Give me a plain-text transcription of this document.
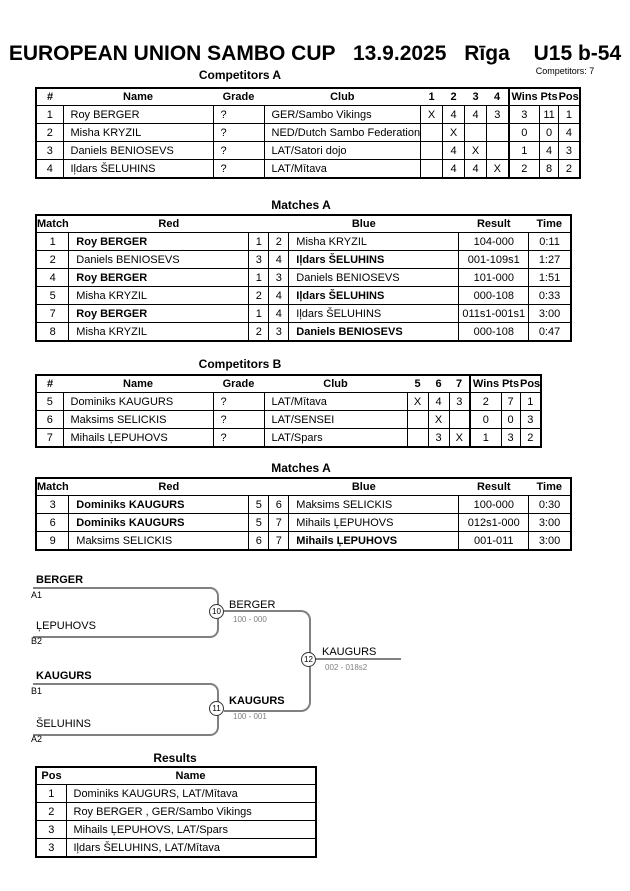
EUROPEAN UNION SAMBO CUP 13.9.2025 Rīga U15 b-54
Competitors: 7
Competitors A
#	Name	Grade	Club	1	2	3	4	Wins	Pts	Pos
1	Roy BERGER	?	GER/Sambo Vikings	X	4	4	3	3	11	1
2	Misha KRYZIL	?	NED/Dutch Sambo Federation		X			0	0	4
3	Daniels BENIOSEVS	?	LAT/Satori dojo		4	X		1	4	3
4	Iļdars ŠELUHINS	?	LAT/Mītava		4	4	X	2	8	2
Matches A
Match	Red		Blue		Result	Time
1	Roy BERGER	1	2	Misha KRYZIL	104-000	0:11
2	Daniels BENIOSEVS	3	4	Iļdars ŠELUHINS	001-109s1	1:27
4	Roy BERGER	1	3	Daniels BENIOSEVS	101-000	1:51
5	Misha KRYZIL	2	4	Iļdars ŠELUHINS	000-108	0:33
7	Roy BERGER	1	4	Iļdars ŠELUHINS	011s1-001s1	3:00
8	Misha KRYZIL	2	3	Daniels BENIOSEVS	000-108	0:47
Competitors B
#	Name	Grade	Club	5	6	7	Wins	Pts	Pos
5	Dominiks KAUGURS	?	LAT/Mītava	X	4	3	2	7	1
6	Maksims SELICKIS	?	LAT/SENSEI		X		0	0	3
7	Mihails ĻEPUHOVS	?	LAT/Spars		3	X	1	3	2
Matches A
Match	Red		Blue		Result	Time
3	Dominiks KAUGURS	5	6	Maksims SELICKIS	100-000	0:30
6	Dominiks KAUGURS	5	7	Mihails ĻEPUHOVS	012s1-000	3:00
9	Maksims SELICKIS	6	7	Mihails ĻEPUHOVS	001-011	3:00
BERGER
A1
ĻEPUHOVS
B2
KAUGURS
B1
ŠELUHINS
A2
10
11
12
BERGER
100 - 000
KAUGURS
100 - 001
KAUGURS
002 - 018s2
Results
Pos	Name
1	Dominiks KAUGURS, LAT/Mītava
2	Roy BERGER , GER/Sambo Vikings
3	Mihails ĻEPUHOVS, LAT/Spars
3	Iļdars ŠELUHINS, LAT/Mītava
